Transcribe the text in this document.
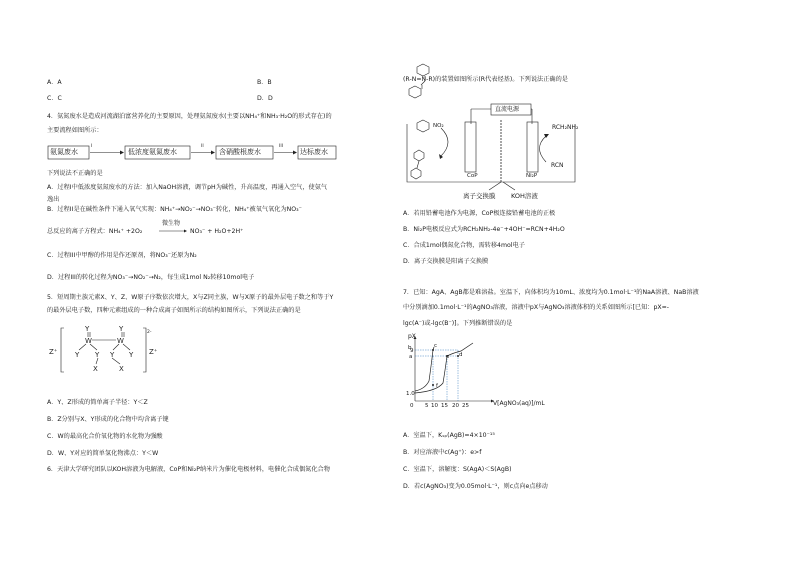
A．A	B．B
C．C	D．D
4．氨氮废水是造成河流湖泊富营养化的主要原因，处理氨氮废水(主要以NH₄⁺和NH₃·H₂O的形式存在)的
主要流程如图所示：
氨氮废水
I
低浓度氨氮废水
II
含硝酸根废水
III
达标废水
下列说法不正确的是
A．过程I中低浓度氨氮废水的方法：加入NaOH溶液，调节pH为碱性，升高温度，再通入空气，使氨气
逸出
B．过程II是在碱性条件下通入氧气实现：NH₄⁺→NO₂⁻→NO₃⁻转化，NH₄⁺被氧气氧化为NO₃⁻
总反应的离子方程式：NH₄⁺ +2O₂
微生物
NO₃⁻ + H₂O+2H⁺
C．过程III中甲醇的作用是作还原剂，将NO₃⁻还原为N₂
D．过程III的转化过程为NO₃⁻→NO₂⁻→N₂，每生成1mol N₂转移10mol电子
5．短周期主族元素X、Y、Z、W原子序数依次增大，X与Z同主族，W与X原子的最外层电子数之和等于Y
的最外层电子数，四种元素组成的一种合成离子如图所示的结构如图所示，下列说法正确的是
Z⁺
2-
Z⁺
Y	Y
W	W
Y Y Y Y
X	X
A．Y、Z形成的简单离子半径：Y＜Z
B．Z分别与X、Y形成的化合物中均含离子键
C．W的最高化合价氧化物的水化物为强酸
D．W、Y对应的简单氢化物沸点：Y＜W
6．天津大学研究团队以KOH溶液为电解液，CoP和Ni₂P纳米片为催化电极材料，电催化合成偶氮化合物
(R-N=N-R)的装置如图所示(R代表烃基)。下列说法正确的是
直流电源
NO₂	RCH₂NH₂
RCN
CoP	Ni₂P
离子交换膜 KOH溶液
A．若用铅蓄电池作为电源，CoP极连接铅蓄电池的正极
B．Ni₂P电极反应式为RCH₂NH₂-4e⁻+4OH⁻=RCN+4H₂O
C．合成1mol偶氮化合物，需转移4mol电子
D．离子交换膜是阳离子交换膜
7．已知：AgA、AgB都是难溶盐。室温下，向体积均为10mL、浓度均为0.1mol·L⁻¹的NaA溶液、NaB溶液
中分别滴加0.1mol·L⁻¹的AgNO₃溶液，溶液中pX与AgNO₃溶液体积的关系如图所示[已知：pX=-
lgc(A⁻)或-lgc(B⁻)]。下列推断错误的是
pX
9
b
a
1.0
0 5 10 15 20 25	V[AgNO₃(aq)]/mL
c
d
e
f
A．室温下，Kₛₚ(AgB)=4×10⁻¹⁵
B．对应溶液中c(Ag⁺)：e>f
C．室温下，溶解度：S(AgA)＜S(AgB)
D．若c(AgNO₃)变为0.05mol·L⁻¹，则c点向e点移动
